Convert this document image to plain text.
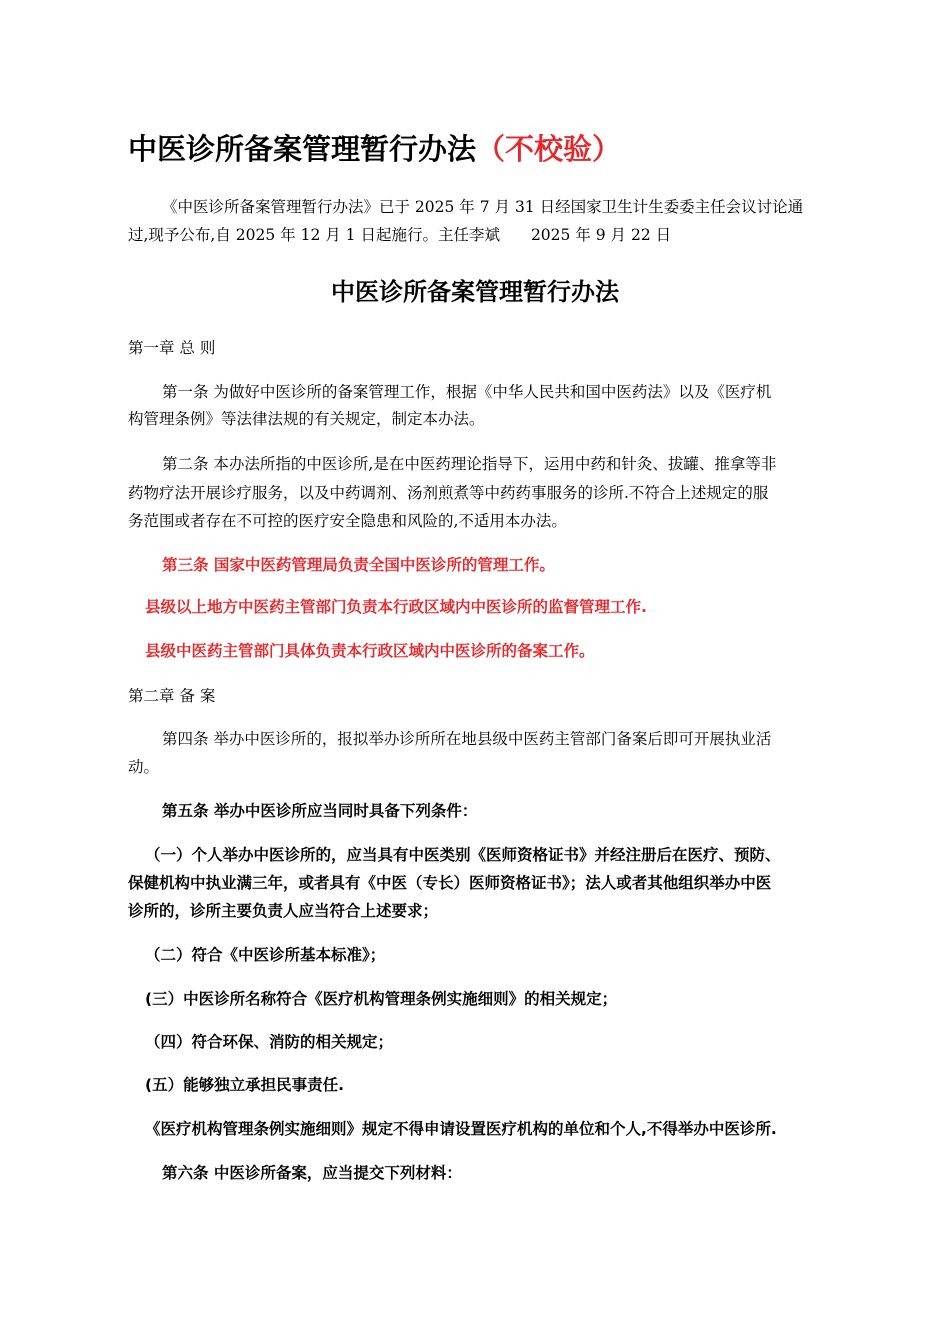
中医诊所备案管理暂行办法（不校验）
《中医诊所备案管理暂行办法》已于 2025 年 7 月 31 日经国家卫生计生委委主任会议讨论通
过,现予公布,自 2025 年 12 月 1 日起施行。主任李斌　　2025 年 9 月 22 日
中医诊所备案管理暂行办法
第一章 总 则
第一条 为做好中医诊所的备案管理工作，根据《中华人民共和国中医药法》以及《医疗机
构管理条例》等法律法规的有关规定，制定本办法。
第二条 本办法所指的中医诊所,是在中医药理论指导下，运用中药和针灸、拔罐、推拿等非
药物疗法开展诊疗服务，以及中药调剂、汤剂煎煮等中药药事服务的诊所.不符合上述规定的服
务范围或者存在不可控的医疗安全隐患和风险的,不适用本办法。
第三条 国家中医药管理局负责全国中医诊所的管理工作。
县级以上地方中医药主管部门负责本行政区域内中医诊所的监督管理工作.
县级中医药主管部门具体负责本行政区域内中医诊所的备案工作。
第二章 备 案
第四条 举办中医诊所的，报拟举办诊所所在地县级中医药主管部门备案后即可开展执业活
动。
第五条 举办中医诊所应当同时具备下列条件：
（一）个人举办中医诊所的，应当具有中医类别《医师资格证书》并经注册后在医疗、预防、
保健机构中执业满三年，或者具有《中医（专长）医师资格证书》；法人或者其他组织举办中医
诊所的，诊所主要负责人应当符合上述要求；
（二）符合《中医诊所基本标准》；
(三）中医诊所名称符合《医疗机构管理条例实施细则》的相关规定；
（四）符合环保、消防的相关规定；
(五）能够独立承担民事责任.
《医疗机构管理条例实施细则》规定不得申请设置医疗机构的单位和个人,不得举办中医诊所.
第六条 中医诊所备案，应当提交下列材料：
